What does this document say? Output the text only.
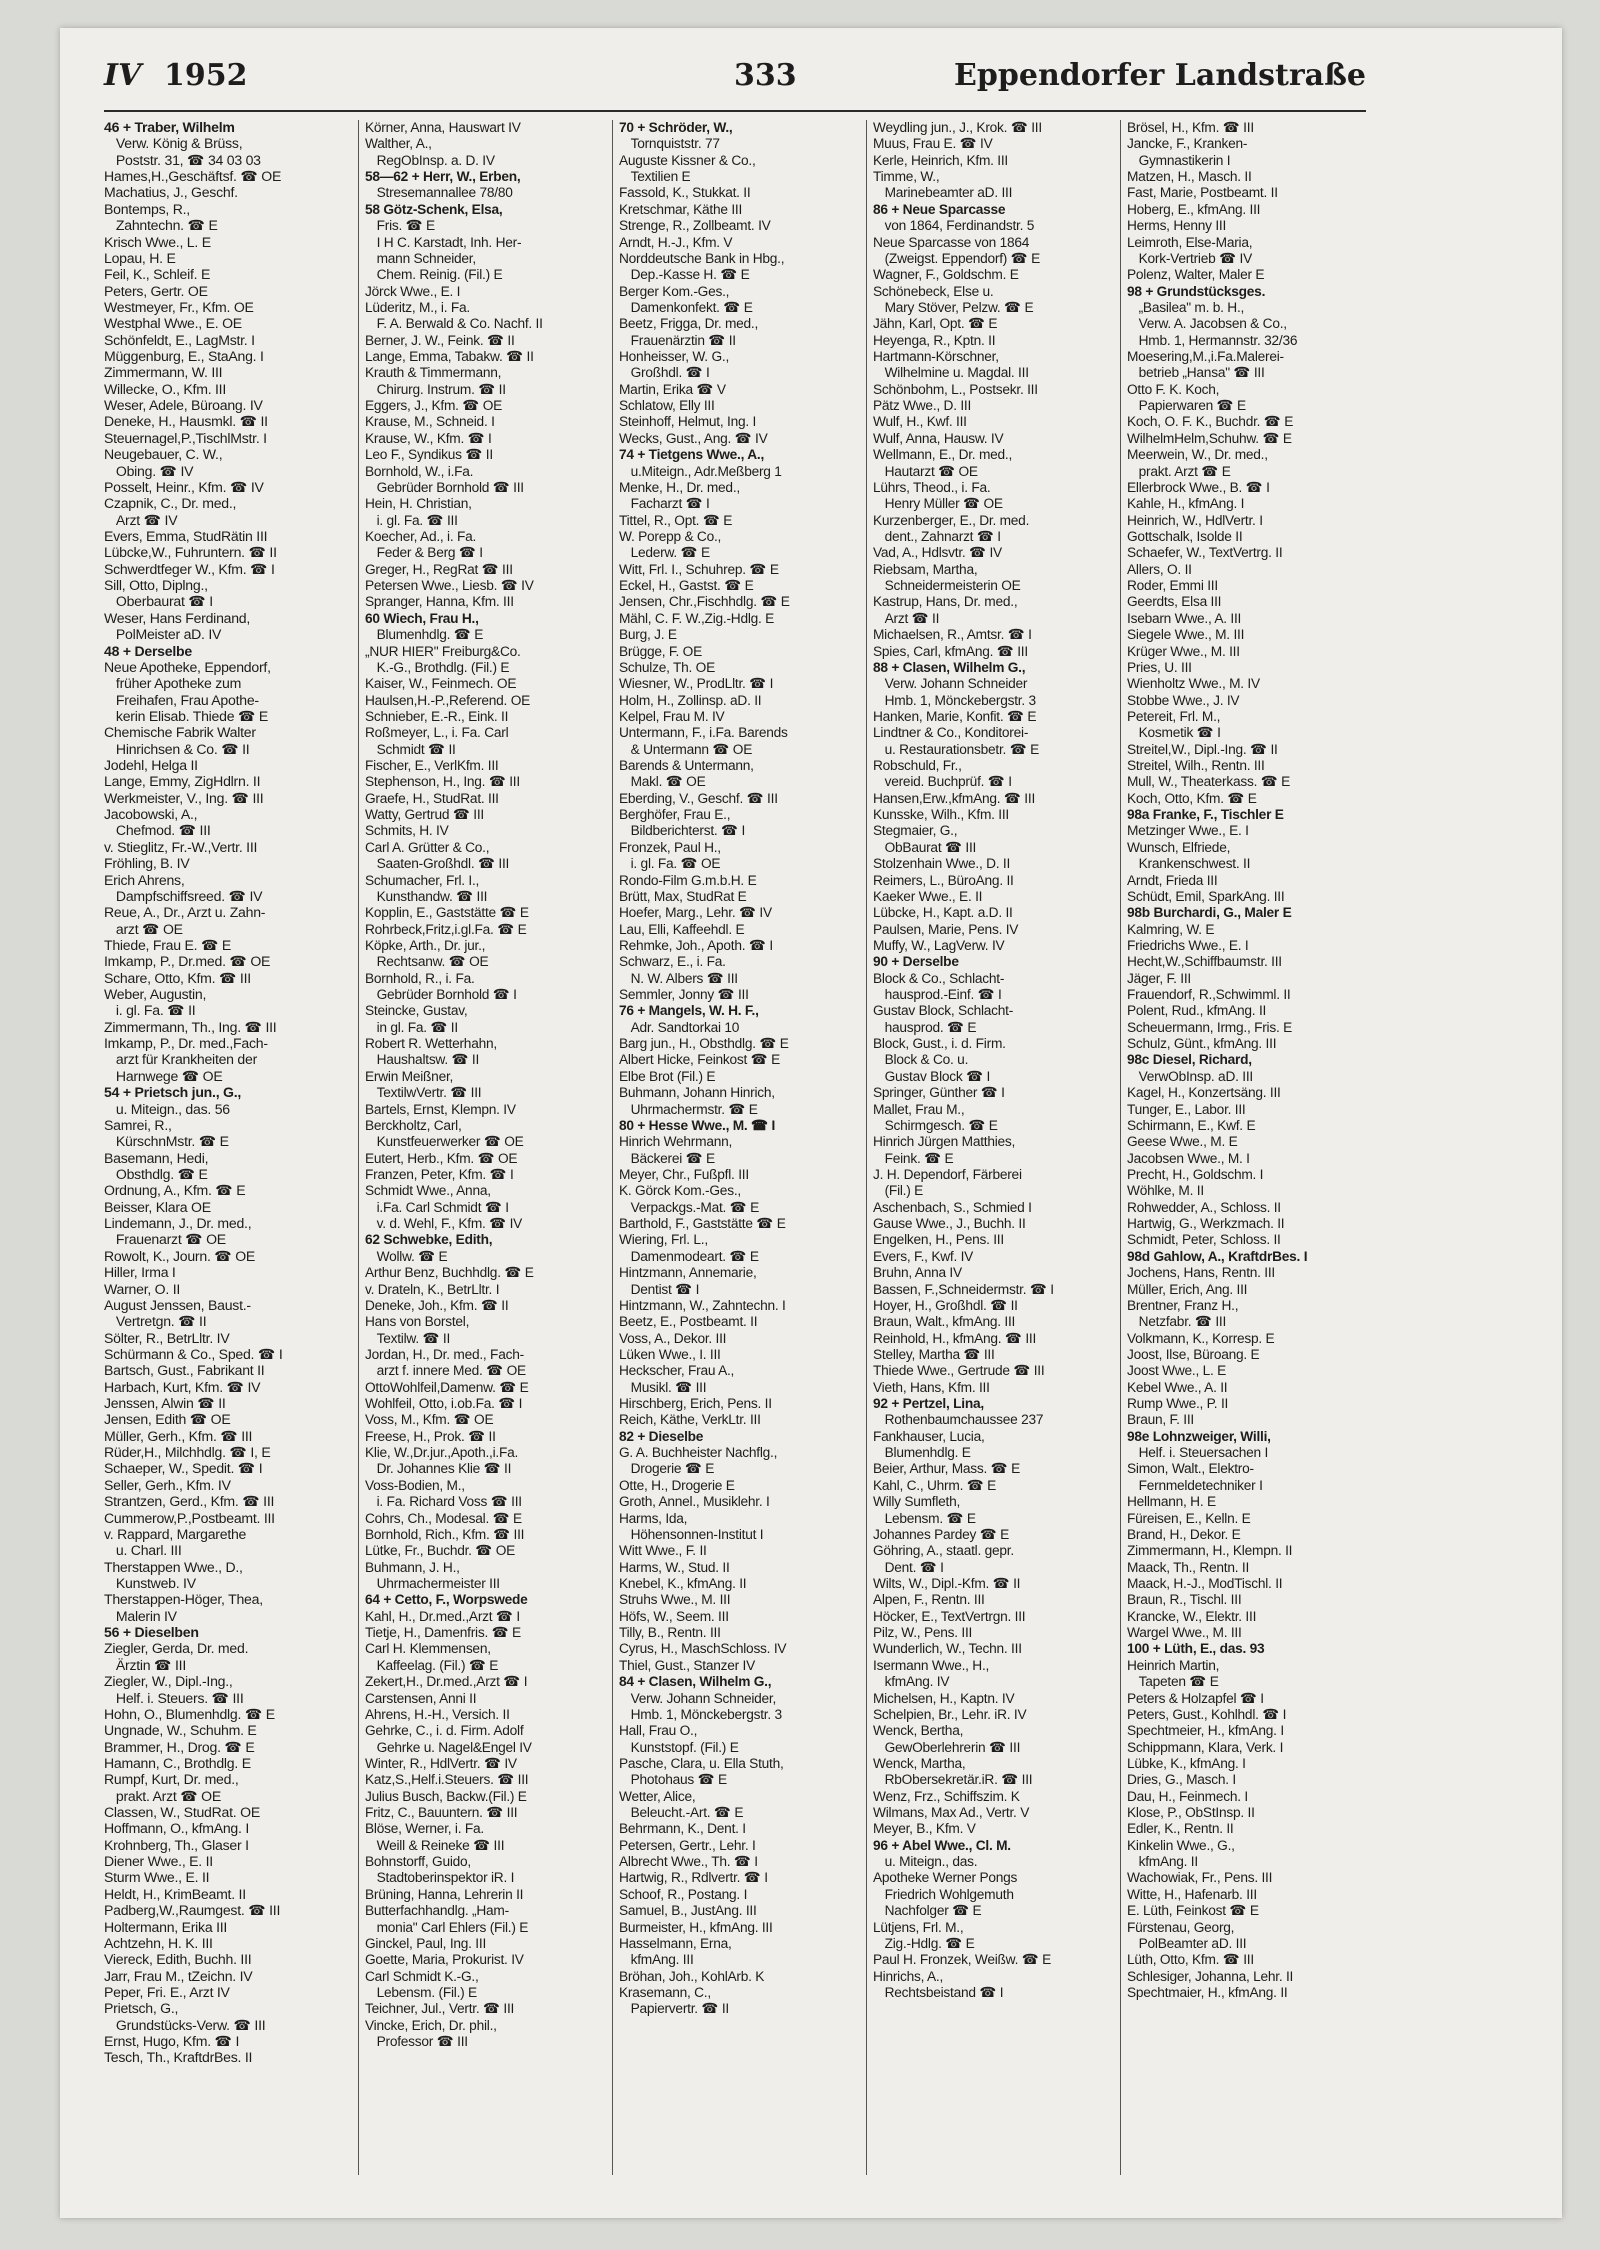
IV 1952	333	Eppendorfer Landstraße
46 + Traber, Wilhelm
Verw. König & Brüss,
Poststr. 31, ☎ 34 03 03
Hames,H.,Geschäftsf. ☎ OE
Machatius, J., Geschf.
Bontemps, R.,
Zahntechn. ☎ E
Krisch Wwe., L. E
Lopau, H. E
Feil, K., Schleif. E
Peters, Gertr. OE
Westmeyer, Fr., Kfm. OE
Westphal Wwe., E. OE
Schönfeldt, E., LagMstr. I
Müggenburg, E., StaAng. I
Zimmermann, W. III
Willecke, O., Kfm. III
Weser, Adele, Büroang. IV
Deneke, H., Hausmkl. ☎ II
Steuernagel,P.,TischlMstr. I
Neugebauer, C. W.,
Obing. ☎ IV
Posselt, Heinr., Kfm. ☎ IV
Czapnik, C., Dr. med.,
Arzt ☎ IV
Evers, Emma, StudRätin III
Lübcke,W., Fuhruntern. ☎ II
Schwerdtfeger W., Kfm. ☎ I
Sill, Otto, Diplng.,
Oberbaurat ☎ I
Weser, Hans Ferdinand,
PolMeister aD. IV
48 + Derselbe
Neue Apotheke, Eppendorf,
früher Apotheke zum
Freihafen, Frau Apothe-
kerin Elisab. Thiede ☎ E
Chemische Fabrik Walter
Hinrichsen & Co. ☎ II
Jodehl, Helga II
Lange, Emmy, ZigHdlrn. II
Werkmeister, V., Ing. ☎ III
Jacobowski, A.,
Chefmod. ☎ III
v. Stieglitz, Fr.-W.,Vertr. III
Fröhling, B. IV
Erich Ahrens,
Dampfschiffsreed. ☎ IV
Reue, A., Dr., Arzt u. Zahn-
arzt ☎ OE
Thiede, Frau E. ☎ E
Imkamp, P., Dr.med. ☎ OE
Schare, Otto, Kfm. ☎ III
Weber, Augustin,
i. gl. Fa. ☎ II
Zimmermann, Th., Ing. ☎ III
Imkamp, P., Dr. med.,Fach-
arzt für Krankheiten der
Harnwege ☎ OE
54 + Prietsch jun., G.,
u. Miteign., das. 56
Samrei, R.,
KürschnMstr. ☎ E
Basemann, Hedi,
Obsthdlg. ☎ E
Ordnung, A., Kfm. ☎ E
Beisser, Klara OE
Lindemann, J., Dr. med.,
Frauenarzt ☎ OE
Rowolt, K., Journ. ☎ OE
Hiller, Irma I
Warner, O. II
August Jenssen, Baust.-
Vertretgn. ☎ II
Sölter, R., BetrLltr. IV
Schürmann & Co., Sped. ☎ I
Bartsch, Gust., Fabrikant II
Harbach, Kurt, Kfm. ☎ IV
Jenssen, Alwin ☎ II
Jensen, Edith ☎ OE
Müller, Gerh., Kfm. ☎ III
Rüder,H., Milchhdlg. ☎ I, E
Schaeper, W., Spedit. ☎ I
Seller, Gerh., Kfm. IV
Strantzen, Gerd., Kfm. ☎ III
Cummerow,P.,Postbeamt. III
v. Rappard, Margarethe
u. Charl. III
Therstappen Wwe., D.,
Kunstweb. IV
Therstappen-Höger, Thea,
Malerin IV
56 + Dieselben
Ziegler, Gerda, Dr. med.
Ärztin ☎ III
Ziegler, W., Dipl.-Ing.,
Helf. i. Steuers. ☎ III
Hohn, O., Blumenhdlg. ☎ E
Ungnade, W., Schuhm. E
Brammer, H., Drog. ☎ E
Hamann, C., Brothdlg. E
Rumpf, Kurt, Dr. med.,
prakt. Arzt ☎ OE
Classen, W., StudRat. OE
Hoffmann, O., kfmAng. I
Krohnberg, Th., Glaser I
Diener Wwe., E. II
Sturm Wwe., E. II
Heldt, H., KrimBeamt. II
Padberg,W.,Raumgest. ☎ III
Holtermann, Erika III
Achtzehn, H. K. III
Viereck, Edith, Buchh. III
Jarr, Frau M., tZeichn. IV
Peper, Fri. E., Arzt IV
Prietsch, G.,
Grundstücks-Verw. ☎ III
Ernst, Hugo, Kfm. ☎ I
Tesch, Th., KraftdrBes. II
Körner, Anna, Hauswart IV
Walther, A.,
RegObInsp. a. D. IV
58—62 + Herr, W., Erben,
Stresemannallee 78/80
58 Götz-Schenk, Elsa,
Fris. ☎ E
I H C. Karstadt, Inh. Her-
mann Schneider,
Chem. Reinig. (Fil.) E
Jörck Wwe., E. I
Lüderitz, M., i. Fa.
F. A. Berwald & Co. Nachf. II
Berner, J. W., Feink. ☎ II
Lange, Emma, Tabakw. ☎ II
Krauth & Timmermann,
Chirurg. Instrum. ☎ II
Eggers, J., Kfm. ☎ OE
Krause, M., Schneid. I
Krause, W., Kfm. ☎ I
Leo F., Syndikus ☎ II
Bornhold, W., i.Fa.
Gebrüder Bornhold ☎ III
Hein, H. Christian,
i. gl. Fa. ☎ III
Koecher, Ad., i. Fa.
Feder & Berg ☎ I
Greger, H., RegRat ☎ III
Petersen Wwe., Liesb. ☎ IV
Spranger, Hanna, Kfm. III
60 Wiech, Frau H.,
Blumenhdlg. ☎ E
„NUR HIER" Freiburg&Co.
K.-G., Brothdlg. (Fil.) E
Kaiser, W., Feinmech. OE
Haulsen,H.-P.,Referend. OE
Schnieber, E.-R., Eink. II
Roßmeyer, L., i. Fa. Carl
Schmidt ☎ II
Fischer, E., VerlKfm. III
Stephenson, H., Ing. ☎ III
Graefe, H., StudRat. III
Watty, Gertrud ☎ III
Schmits, H. IV
Carl A. Grütter & Co.,
Saaten-Großhdl. ☎ III
Schumacher, Frl. I.,
Kunsthandw. ☎ III
Kopplin, E., Gaststätte ☎ E
Rohrbeck,Fritz,i.gl.Fa. ☎ E
Köpke, Arth., Dr. jur.,
Rechtsanw. ☎ OE
Bornhold, R., i. Fa.
Gebrüder Bornhold ☎ I
Steincke, Gustav,
in gl. Fa. ☎ II
Robert R. Wetterhahn,
Haushaltsw. ☎ II
Erwin Meißner,
TextilwVertr. ☎ III
Bartels, Ernst, Klempn. IV
Berckholtz, Carl,
Kunstfeuerwerker ☎ OE
Eutert, Herb., Kfm. ☎ OE
Franzen, Peter, Kfm. ☎ I
Schmidt Wwe., Anna,
i.Fa. Carl Schmidt ☎ I
v. d. Wehl, F., Kfm. ☎ IV
62 Schwebke, Edith,
Wollw. ☎ E
Arthur Benz, Buchhdlg. ☎ E
v. Drateln, K., BetrLltr. I
Deneke, Joh., Kfm. ☎ II
Hans von Borstel,
Textilw. ☎ II
Jordan, H., Dr. med., Fach-
arzt f. innere Med. ☎ OE
OttoWohlfeil,Damenw. ☎ E
Wohlfeil, Otto, i.ob.Fa. ☎ I
Voss, M., Kfm. ☎ OE
Freese, H., Prok. ☎ II
Klie, W.,Dr.jur.,Apoth.,i.Fa.
Dr. Johannes Klie ☎ II
Voss-Bodien, M.,
i. Fa. Richard Voss ☎ III
Cohrs, Ch., Modesal. ☎ E
Bornhold, Rich., Kfm. ☎ III
Lütke, Fr., Buchdr. ☎ OE
Buhmann, J. H.,
Uhrmachermeister III
64 + Cetto, F., Worpswede
Kahl, H., Dr.med.,Arzt ☎ I
Tietje, H., Damenfris. ☎ E
Carl H. Klemmensen,
Kaffeelag. (Fil.) ☎ E
Zekert,H., Dr.med.,Arzt ☎ I
Carstensen, Anni II
Ahrens, H.-H., Versich. II
Gehrke, C., i. d. Firm. Adolf
Gehrke u. Nagel&Engel IV
Winter, R., HdlVertr. ☎ IV
Katz,S.,Helf.i.Steuers. ☎ III
Julius Busch, Backw.(Fil.) E
Fritz, C., Bauuntern. ☎ III
Blöse, Werner, i. Fa.
Weill & Reineke ☎ III
Bohnstorff, Guido,
Stadtoberinspektor iR. I
Brüning, Hanna, Lehrerin II
Butterfachhandlg. „Ham-
monia" Carl Ehlers (Fil.) E
Ginckel, Paul, Ing. III
Goette, Maria, Prokurist. IV
Carl Schmidt K.-G.,
Lebensm. (Fil.) E
Teichner, Jul., Vertr. ☎ III
Vincke, Erich, Dr. phil.,
Professor ☎ III
70 + Schröder, W.,
Tornquiststr. 77
Auguste Kissner & Co.,
Textilien E
Fassold, K., Stukkat. II
Kretschmar, Käthe III
Strenge, R., Zollbeamt. IV
Arndt, H.-J., Kfm. V
Norddeutsche Bank in Hbg.,
Dep.-Kasse H. ☎ E
Berger Kom.-Ges.,
Damenkonfekt. ☎ E
Beetz, Frigga, Dr. med.,
Frauenärztin ☎ II
Honheisser, W. G.,
Großhdl. ☎ I
Martin, Erika ☎ V
Schlatow, Elly III
Steinhoff, Helmut, Ing. I
Wecks, Gust., Ang. ☎ IV
74 + Tietgens Wwe., A.,
u.Miteign., Adr.Meßberg 1
Menke, H., Dr. med.,
Facharzt ☎ I
Tittel, R., Opt. ☎ E
W. Porepp & Co.,
Lederw. ☎ E
Witt, Frl. I., Schuhrep. ☎ E
Eckel, H., Gastst. ☎ E
Jensen, Chr.,Fischhdlg. ☎ E
Mähl, C. F. W.,Zig.-Hdlg. E
Burg, J. E
Brügge, F. OE
Schulze, Th. OE
Wiesner, W., ProdLltr. ☎ I
Holm, H., Zollinsp. aD. II
Kelpel, Frau M. IV
Untermann, F., i.Fa. Barends
& Untermann ☎ OE
Barends & Untermann,
Makl. ☎ OE
Eberding, V., Geschf. ☎ III
Berghöfer, Frau E.,
Bildberichterst. ☎ I
Fronzek, Paul H.,
i. gl. Fa. ☎ OE
Rondo-Film G.m.b.H. E
Brütt, Max, StudRat E
Hoefer, Marg., Lehr. ☎ IV
Lau, Elli, Kaffeehdl. E
Rehmke, Joh., Apoth. ☎ I
Schwarz, E., i. Fa.
N. W. Albers ☎ III
Semmler, Jonny ☎ III
76 + Mangels, W. H. F.,
Adr. Sandtorkai 10
Barg jun., H., Obsthdlg. ☎ E
Albert Hicke, Feinkost ☎ E
Elbe Brot (Fil.) E
Buhmann, Johann Hinrich,
Uhrmachermstr. ☎ E
80 + Hesse Wwe., M. ☎ I
Hinrich Wehrmann,
Bäckerei ☎ E
Meyer, Chr., Fußpfl. III
K. Görck Kom.-Ges.,
Verpackgs.-Mat. ☎ E
Barthold, F., Gaststätte ☎ E
Wiering, Frl. L.,
Damenmodeart. ☎ E
Hintzmann, Annemarie,
Dentist ☎ I
Hintzmann, W., Zahntechn. I
Beetz, E., Postbeamt. II
Voss, A., Dekor. III
Lüken Wwe., I. III
Heckscher, Frau A.,
Musikl. ☎ III
Hirschberg, Erich, Pens. II
Reich, Käthe, VerkLtr. III
82 + Dieselbe
G. A. Buchheister Nachflg.,
Drogerie ☎ E
Otte, H., Drogerie E
Groth, Annel., Musiklehr. I
Harms, Ida,
Höhensonnen-Institut I
Witt Wwe., F. II
Harms, W., Stud. II
Knebel, K., kfmAng. II
Struhs Wwe., M. III
Höfs, W., Seem. III
Tilly, B., Rentn. III
Cyrus, H., MaschSchloss. IV
Thiel, Gust., Stanzer IV
84 + Clasen, Wilhelm G.,
Verw. Johann Schneider,
Hmb. 1, Mönckebergstr. 3
Hall, Frau O.,
Kunststopf. (Fil.) E
Pasche, Clara, u. Ella Stuth,
Photohaus ☎ E
Wetter, Alice,
Beleucht.-Art. ☎ E
Behrmann, K., Dent. I
Petersen, Gertr., Lehr. I
Albrecht Wwe., Th. ☎ I
Hartwig, R., Rdlvertr. ☎ I
Schoof, R., Postang. I
Samuel, B., JustAng. III
Burmeister, H., kfmAng. III
Hasselmann, Erna,
kfmAng. III
Bröhan, Joh., KohlArb. K
Krasemann, C.,
Papiervertr. ☎ II
Weydling jun., J., Krok. ☎ III
Muus, Frau E. ☎ IV
Kerle, Heinrich, Kfm. III
Timme, W.,
Marinebeamter aD. III
86 + Neue Sparcasse
von 1864, Ferdinandstr. 5
Neue Sparcasse von 1864
(Zweigst. Eppendorf) ☎ E
Wagner, F., Goldschm. E
Schönebeck, Else u.
Mary Stöver, Pelzw. ☎ E
Jähn, Karl, Opt. ☎ E
Heyenga, R., Kptn. II
Hartmann-Körschner,
Wilhelmine u. Magdal. III
Schönbohm, L., Postsekr. III
Pätz Wwe., D. III
Wulf, H., Kwf. III
Wulf, Anna, Hausw. IV
Wellmann, E., Dr. med.,
Hautarzt ☎ OE
Lührs, Theod., i. Fa.
Henry Müller ☎ OE
Kurzenberger, E., Dr. med.
dent., Zahnarzt ☎ I
Vad, A., Hdlsvtr. ☎ IV
Riebsam, Martha,
Schneidermeisterin OE
Kastrup, Hans, Dr. med.,
Arzt ☎ II
Michaelsen, R., Amtsr. ☎ I
Spies, Carl, kfmAng. ☎ III
88 + Clasen, Wilhelm G.,
Verw. Johann Schneider
Hmb. 1, Mönckebergstr. 3
Hanken, Marie, Konfit. ☎ E
Lindtner & Co., Konditorei-
u. Restaurationsbetr. ☎ E
Robschuld, Fr.,
vereid. Buchprüf. ☎ I
Hansen,Erw.,kfmAng. ☎ III
Kunsske, Wilh., Kfm. III
Stegmaier, G.,
ObBaurat ☎ III
Stolzenhain Wwe., D. II
Reimers, L., BüroAng. II
Kaeker Wwe., E. II
Lübcke, H., Kapt. a.D. II
Paulsen, Marie, Pens. IV
Muffy, W., LagVerw. IV
90 + Derselbe
Block & Co., Schlacht-
hausprod.-Einf. ☎ I
Gustav Block, Schlacht-
hausprod. ☎ E
Block, Gust., i. d. Firm.
Block & Co. u.
Gustav Block ☎ I
Springer, Günther ☎ I
Mallet, Frau M.,
Schirmgesch. ☎ E
Hinrich Jürgen Matthies,
Feink. ☎ E
J. H. Dependorf, Färberei
(Fil.) E
Aschenbach, S., Schmied I
Gause Wwe., J., Buchh. II
Engelken, H., Pens. III
Evers, F., Kwf. IV
Bruhn, Anna IV
Bassen, F.,Schneidermstr. ☎ I
Hoyer, H., Großhdl. ☎ II
Braun, Walt., kfmAng. III
Reinhold, H., kfmAng. ☎ III
Stelley, Martha ☎ III
Thiede Wwe., Gertrude ☎ III
Vieth, Hans, Kfm. III
92 + Pertzel, Lina,
Rothenbaumchaussee 237
Fankhauser, Lucia,
Blumenhdlg. E
Beier, Arthur, Mass. ☎ E
Kahl, C., Uhrm. ☎ E
Willy Sumfleth,
Lebensm. ☎ E
Johannes Pardey ☎ E
Göhring, A., staatl. gepr.
Dent. ☎ I
Wilts, W., Dipl.-Kfm. ☎ II
Alpen, F., Rentn. III
Höcker, E., TextVertrgn. III
Pilz, W., Pens. III
Wunderlich, W., Techn. III
Isermann Wwe., H.,
kfmAng. IV
Michelsen, H., Kaptn. IV
Schelpien, Br., Lehr. iR. IV
Wenck, Bertha,
GewOberlehrerin ☎ III
Wenck, Martha,
RbObersekretär.iR. ☎ III
Wenz, Frz., Schiffszim. K
Wilmans, Max Ad., Vertr. V
Meyer, B., Kfm. V
96 + Abel Wwe., Cl. M.
u. Miteign., das.
Apotheke Werner Pongs
Friedrich Wohlgemuth
Nachfolger ☎ E
Lütjens, Frl. M.,
Zig.-Hdlg. ☎ E
Paul H. Fronzek, Weißw. ☎ E
Hinrichs, A.,
Rechtsbeistand ☎ I
Brösel, H., Kfm. ☎ III
Jancke, F., Kranken-
Gymnastikerin I
Matzen, H., Masch. II
Fast, Marie, Postbeamt. II
Hoberg, E., kfmAng. III
Herms, Henny III
Leimroth, Else-Maria,
Kork-Vertrieb ☎ IV
Polenz, Walter, Maler E
98 + Grundstücksges.
„Basilea" m. b. H.,
Verw. A. Jacobsen & Co.,
Hmb. 1, Hermannstr. 32/36
Moesering,M.,i.Fa.Malerei-
betrieb „Hansa" ☎ III
Otto F. K. Koch,
Papierwaren ☎ E
Koch, O. F. K., Buchdr. ☎ E
WilhelmHelm,Schuhw. ☎ E
Meerwein, W., Dr. med.,
prakt. Arzt ☎ E
Ellerbrock Wwe., B. ☎ I
Kahle, H., kfmAng. I
Heinrich, W., HdlVertr. I
Gottschalk, Isolde II
Schaefer, W., TextVertrg. II
Allers, O. II
Roder, Emmi III
Geerdts, Elsa III
Isebarn Wwe., A. III
Siegele Wwe., M. III
Krüger Wwe., M. III
Pries, U. III
Wienholtz Wwe., M. IV
Stobbe Wwe., J. IV
Petereit, Frl. M.,
Kosmetik ☎ I
Streitel,W., Dipl.-Ing. ☎ II
Streitel, Wilh., Rentn. III
Mull, W., Theaterkass. ☎ E
Koch, Otto, Kfm. ☎ E
98a Franke, F., Tischler E
Metzinger Wwe., E. I
Wunsch, Elfriede,
Krankenschwest. II
Arndt, Frieda III
Schüdt, Emil, SparkAng. III
98b Burchardi, G., Maler E
Kalmring, W. E
Friedrichs Wwe., E. I
Hecht,W.,Schiffbaumstr. III
Jäger, F. III
Frauendorf, R.,Schwimml. II
Polent, Rud., kfmAng. II
Scheuermann, Irmg., Fris. E
Schulz, Günt., kfmAng. III
98c Diesel, Richard,
VerwObInsp. aD. III
Kagel, H., Konzertsäng. III
Tunger, E., Labor. III
Schirmann, E., Kwf. E
Geese Wwe., M. E
Jacobsen Wwe., M. I
Precht, H., Goldschm. I
Wöhlke, M. II
Rohwedder, A., Schloss. II
Hartwig, G., Werkzmach. II
Schmidt, Peter, Schloss. II
98d Gahlow, A., KraftdrBes. I
Jochens, Hans, Rentn. III
Müller, Erich, Ang. III
Brentner, Franz H.,
Netzfabr. ☎ III
Volkmann, K., Korresp. E
Joost, Ilse, Büroang. E
Joost Wwe., L. E
Kebel Wwe., A. II
Rump Wwe., P. II
Braun, F. III
98e Lohnzweiger, Willi,
Helf. i. Steuersachen I
Simon, Walt., Elektro-
Fernmeldetechniker I
Hellmann, H. E
Füreisen, E., Kelln. E
Brand, H., Dekor. E
Zimmermann, H., Klempn. II
Maack, Th., Rentn. II
Maack, H.-J., ModTischl. II
Braun, R., Tischl. III
Krancke, W., Elektr. III
Wargel Wwe., M. III
100 + Lüth, E., das. 93
Heinrich Martin,
Tapeten ☎ E
Peters & Holzapfel ☎ I
Peters, Gust., Kohlhdl. ☎ I
Spechtmeier, H., kfmAng. I
Schippmann, Klara, Verk. I
Lübke, K., kfmAng. I
Dries, G., Masch. I
Dau, H., Feinmech. I
Klose, P., ObStInsp. II
Edler, K., Rentn. II
Kinkelin Wwe., G.,
kfmAng. II
Wachowiak, Fr., Pens. III
Witte, H., Hafenarb. III
E. Lüth, Feinkost ☎ E
Fürstenau, Georg,
PolBeamter aD. III
Lüth, Otto, Kfm. ☎ III
Schlesiger, Johanna, Lehr. II
Spechtmaier, H., kfmAng. II
